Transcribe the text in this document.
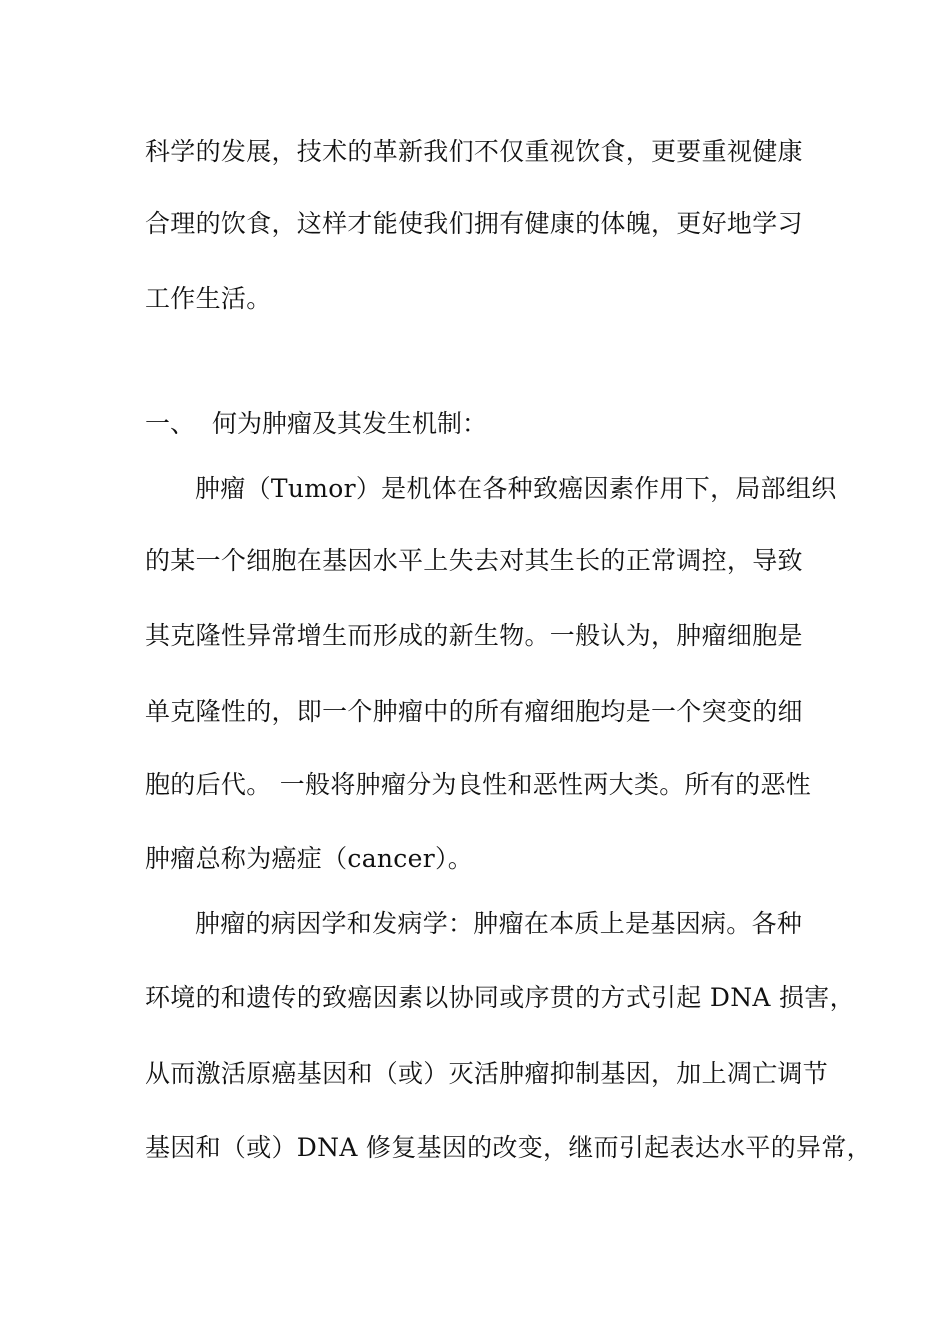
科学的发展，技术的革新我们不仅重视饮食，更要重视健康
合理的饮食，这样才能使我们拥有健康的体魄，更好地学习
工作生活。
一、 何为肿瘤及其发生机制：
肿瘤（Tumor）是机体在各种致癌因素作用下，局部组织
的某一个细胞在基因水平上失去对其生长的正常调控，导致
其克隆性异常增生而形成的新生物。一般认为，肿瘤细胞是
单克隆性的，即一个肿瘤中的所有瘤细胞均是一个突变的细
胞的后代。 一般将肿瘤分为良性和恶性两大类。所有的恶性
肿瘤总称为癌症（cancer）。
肿瘤的病因学和发病学：肿瘤在本质上是基因病。各种
环境的和遗传的致癌因素以协同或序贯的方式引起 DNA 损害，
从而激活原癌基因和（或）灭活肿瘤抑制基因，加上凋亡调节
基因和（或）DNA 修复基因的改变，继而引起表达水平的异常，
